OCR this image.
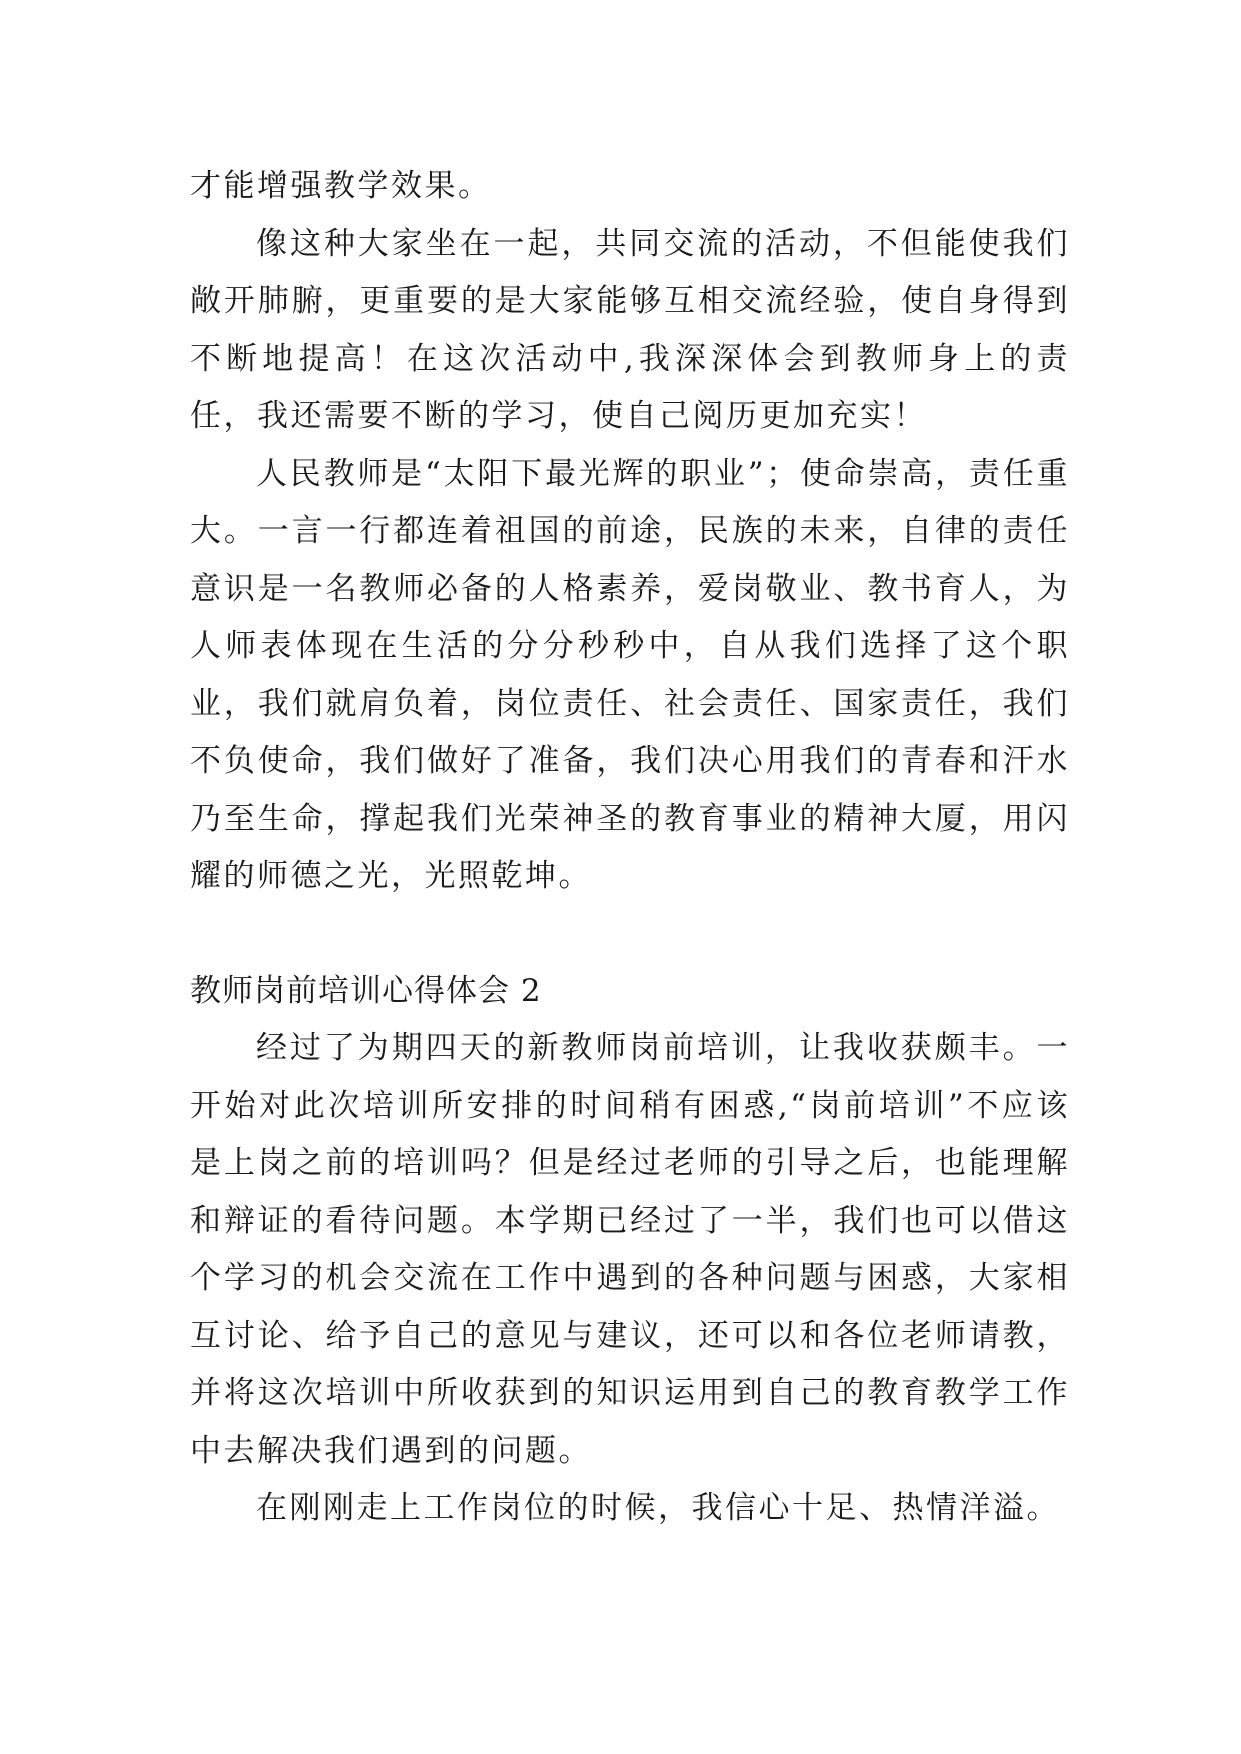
才能增强教学效果。

像这种大家坐在一起，共同交流的活动，不但能使我们敞开肺腑，更重要的是大家能够互相交流经验，使自身得到不断地提高！在这次活动中,我深深体会到教师身上的责任，我还需要不断的学习，使自己阅历更加充实！

人民教师是“太阳下最光辉的职业”；使命崇高，责任重大。一言一行都连着祖国的前途，民族的未来，自律的责任意识是一名教师必备的人格素养，爱岗敬业、教书育人，为人师表体现在生活的分分秒秒中，自从我们选择了这个职业，我们就肩负着，岗位责任、社会责任、国家责任，我们不负使命，我们做好了准备，我们决心用我们的青春和汗水乃至生命，撑起我们光荣神圣的教育事业的精神大厦，用闪耀的师德之光，光照乾坤。

教师岗前培训心得体会 2

经过了为期四天的新教师岗前培训，让我收获颇丰。一开始对此次培训所安排的时间稍有困惑,“岗前培训”不应该是上岗之前的培训吗？但是经过老师的引导之后，也能理解和辩证的看待问题。本学期已经过了一半，我们也可以借这个学习的机会交流在工作中遇到的各种问题与困惑，大家相互讨论、给予自己的意见与建议，还可以和各位老师请教，并将这次培训中所收获到的知识运用到自己的教育教学工作中去解决我们遇到的问题。

在刚刚走上工作岗位的时候，我信心十足、热情洋溢。
